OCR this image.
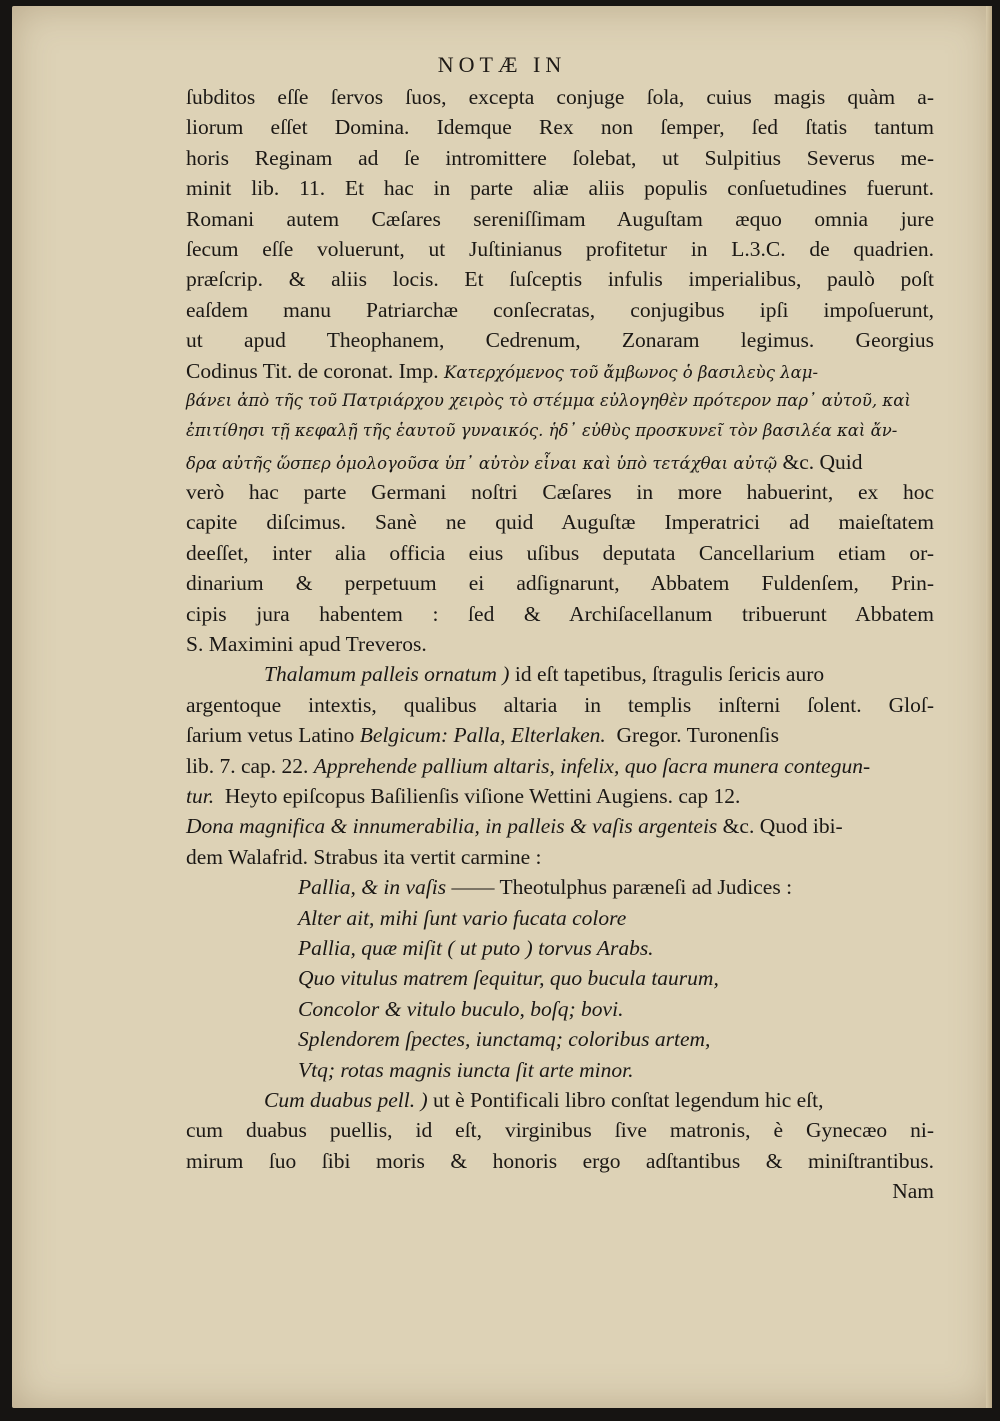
NOTÆ IN
ſubditos eſſe ſervos ſuos, excepta conjuge ſola, cuius magis quàm a-
liorum eſſet Domina. Idemque Rex non ſemper, ſed ſtatis tantum
horis Reginam ad ſe intromittere ſolebat, ut Sulpitius Severus me-
minit lib. 11. Et hac in parte aliæ aliis populis conſuetudines fuerunt.
Romani autem Cæſares sereniſſimam Auguſtam æquo omnia jure
ſecum eſſe voluerunt, ut Juſtinianus profitetur in L.3.C. de quadrien.
præſcrip. & aliis locis. Et ſuſceptis infulis imperialibus, paulò poſt
eaſdem manu Patriarchæ conſecratas, conjugibus ipſi impoſuerunt,
ut apud Theophanem, Cedrenum, Zonaram legimus. Georgius
Codinus Tit. de coronat. Imp. Κατερχόμενος τοῦ ἄμβωνος ὁ βασιλεὺς λαμ-
βάνει ἀπὸ τῆς τοῦ Πατριάρχου χειρὸς τὸ στέμμα εὐλογηθὲν πρότερον παρ᾽ αὐτοῦ, καὶ
ἐπιτίθησι τῇ κεφαλῇ τῆς ἑαυτοῦ γυναικός. ἡδ᾽ εὐθὺς προσκυνεῖ τὸν βασιλέα καὶ ἄν-
δρα αὐτῆς ὥσπερ ὁμολογοῦσα ὑπ᾽ αὐτὸν εἶναι καὶ ὑπὸ τετάχθαι αὐτῷ &c. Quid
verò hac parte Germani noſtri Cæſares in more habuerint, ex hoc
capite diſcimus. Sanè ne quid Auguſtæ Imperatrici ad maieſtatem
deeſſet, inter alia officia eius uſibus deputata Cancellarium etiam or-
dinarium & perpetuum ei adſignarunt, Abbatem Fuldenſem, Prin-
cipis jura habentem : ſed & Archiſacellanum tribuerunt Abbatem
S. Maximini apud Treveros.
Thalamum palleis ornatum ) id eſt tapetibus, ſtragulis ſericis auro
argentoque intextis, qualibus altaria in templis inſterni ſolent. Gloſ-
ſarium vetus Latino Belgicum: Palla, Elterlaken. Gregor. Turonenſis
lib. 7. cap. 22. Apprehende pallium altaris, infelix, quo ſacra munera contegun-
tur. Heyto epiſcopus Baſilienſis viſione Wettini Augiens. cap 12.
Dona magnifica & innumerabilia, in palleis & vaſis argenteis &c. Quod ibi-
dem Walafrid. Strabus ita vertit carmine :
Pallia, & in vaſis —— Theotulphus paræneſi ad Judices :
Alter ait, mihi ſunt vario fucata colore
Pallia, quæ miſit ( ut puto ) torvus Arabs.
Quo vitulus matrem ſequitur, quo bucula taurum,
Concolor & vitulo buculo, boſq; bovi.
Splendorem ſpectes, iunctamq; coloribus artem,
Vtq; rotas magnis iuncta ſit arte minor.
Cum duabus pell. ) ut è Pontificali libro conſtat legendum hic eſt,
cum duabus puellis, id eſt, virginibus ſive matronis, è Gynecæo ni-
mirum ſuo ſibi moris & honoris ergo adſtantibus & miniſtrantibus.
Nam
